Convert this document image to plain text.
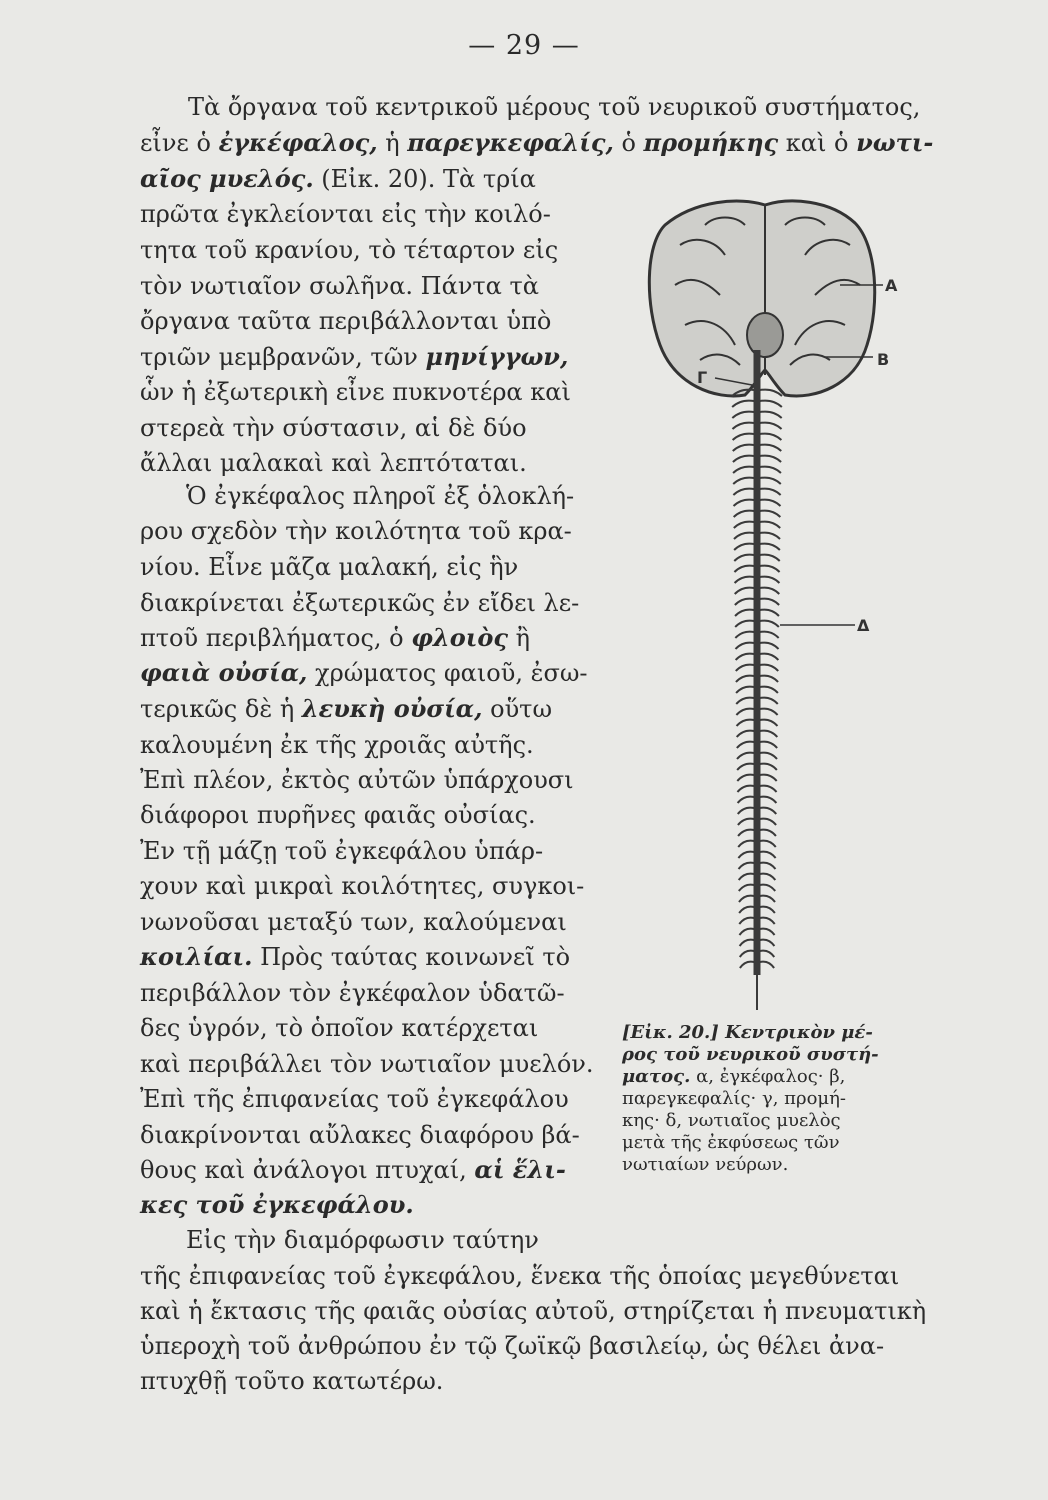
— 29 —
Τὰ ὄργανα τοῦ κεντρικοῦ μέρους τοῦ νευρικοῦ συστήματος,
εἶνε ὁ ἐγκέφαλος, ἡ παρεγκεφαλίς, ὁ προμήκης καὶ ὁ νωτι-
αῖος μυελός. (Εἰκ. 20). Τὰ τρία
πρῶτα ἐγκλείονται εἰς τὴν κοιλό-
τητα τοῦ κρανίου, τὸ τέταρτον εἰς
τὸν νωτιαῖον σωλῆνα. Πάντα τὰ
ὄργανα ταῦτα περιβάλλονται ὑπὸ
τριῶν μεμβρανῶν, τῶν μηνίγγων,
ὧν ἡ ἐξωτερικὴ εἶνε πυκνοτέρα καὶ
στερεὰ τὴν σύστασιν, αἱ δὲ δύο
ἄλλαι μαλακαὶ καὶ λεπτόταται.
Ὁ ἐγκέφαλος πληροῖ ἐξ ὁλοκλή-
ρου σχεδὸν τὴν κοιλότητα τοῦ κρα-
νίου. Εἶνε μᾶζα μαλακή, εἰς ἣν
διακρίνεται ἐξωτερικῶς ἐν εἴδει λε-
πτοῦ περιβλήματος, ὁ φλοιὸς ἢ
φαιὰ οὐσία, χρώματος φαιοῦ, ἐσω-
τερικῶς δὲ ἡ λευκὴ οὐσία, οὕτω
καλουμένη ἐκ τῆς χροιᾶς αὐτῆς.
Ἐπὶ πλέον, ἐκτὸς αὐτῶν ὑπάρχουσι
διάφοροι πυρῆνες φαιᾶς οὐσίας.
Ἐν τῇ μάζῃ τοῦ ἐγκεφάλου ὑπάρ-
χουν καὶ μικραὶ κοιλότητες, συγκοι-
νωνοῦσαι μεταξύ των, καλούμεναι
κοιλίαι. Πρὸς ταύτας κοινωνεῖ τὸ
περιβάλλον τὸν ἐγκέφαλον ὑδατῶ-
δες ὑγρόν, τὸ ὁποῖον κατέρχεται
καὶ περιβάλλει τὸν νωτιαῖον μυελόν.
Ἐπὶ τῆς ἐπιφανείας τοῦ ἐγκεφάλου
διακρίνονται αὔλακες διαφόρου βά-
θους καὶ ἀνάλογοι πτυχαί, αἱ ἕλι-
κες τοῦ ἐγκεφάλου.
Εἰς τὴν διαμόρφωσιν ταύτην
τῆς ἐπιφανείας τοῦ ἐγκεφάλου, ἕνεκα τῆς ὁποίας μεγεθύνεται
καὶ ἡ ἔκτασις τῆς φαιᾶς οὐσίας αὐτοῦ, στηρίζεται ἡ πνευματικὴ
ὑπεροχὴ τοῦ ἀνθρώπου ἐν τῷ ζωϊκῷ βασιλείῳ, ὡς θέλει ἀνα-
πτυχθῇ τοῦτο κατωτέρω.
Α
Β
Γ
Δ
[Εἰκ. 20.] Κεντρικὸν μέ-
ρος τοῦ νευρικοῦ συστή-
ματος. α, ἐγκέφαλος· β,
παρεγκεφαλίς· γ, προμή-
κης· δ, νωτιαῖος μυελὸς
μετὰ τῆς ἐκφύσεως τῶν
νωτιαίων νεύρων.
